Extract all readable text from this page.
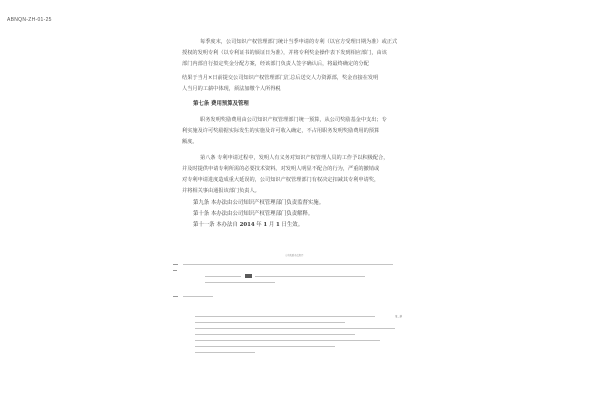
ABNQN-ZH-01-25
每季度末，公司知识产权管理部门统计当季申请的专利（以官方受理日期为准）或正式
授权的发明专利（以专利证书的颁证日为准），并将专利奖金操作表下发到相应部门，由该
部门内部自行拟定奖金分配方案，经该部门负责人签字确认后，将最终确定的分配
结果于当月×日前提交公司知识产权管理部门汇总后送交人力资源部，奖金直接在发明
人当月的工薪中体现，须法加缴个人所得税
第七条 费用预算及管理
职务发明奖励费用由公司知识产权管理部门统一预算，从公司奖励基金中支出；专
利实施及许可奖励据实际发生的实施及许可收入确定，不占用职务发明奖励费用的预算
额度。
第八条 专利申请过程中，发明人有义务对知识产权管理人员的工作予以积极配合，
并及时提供申请专利所需的必要技术资料。对发明人明显不配合的行为，严重的撤销或
对专利申请进度造成重大延误的，公司知识产权管理部门有权决定扣减其专利申请奖，
并将相关事由通报该部门负责人。
第九条 本办法由公司知识产权管理部门负责监督实施。
第十条 本办法由公司知识产权管理部门负责解释。
第十一条 本办法自 2014 年 1 月 1 日生效。
专利奖励办法附件
第二条
